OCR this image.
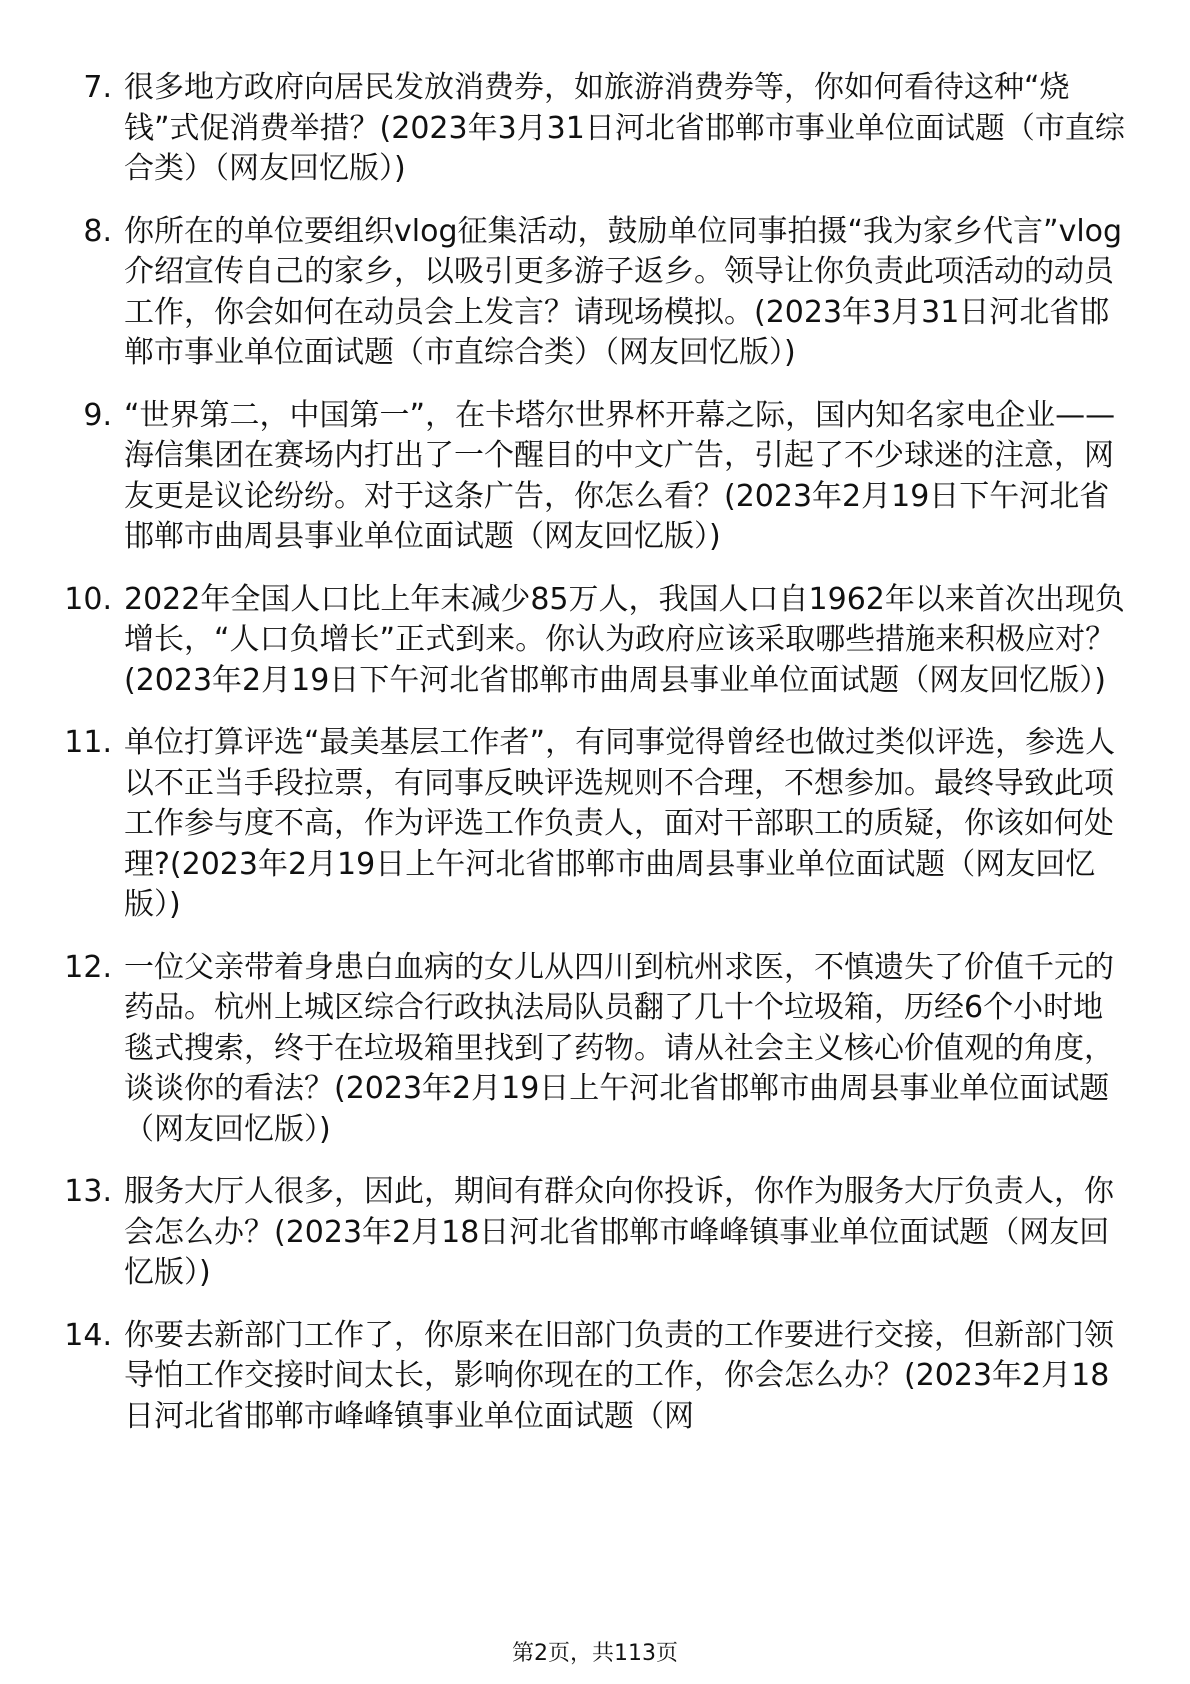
7. 很多地方政府向居民发放消费券，如旅游消费券等，你如何看待这种“烧钱”式促消费举措？(2023年3月31日河北省邯郸市事业单位面试题（市直综合类）（网友回忆版）)
8. 你所在的单位要组织vlog征集活动，鼓励单位同事拍摄“我为家乡代言”vlog介绍宣传自己的家乡，以吸引更多游子返乡。领导让你负责此项活动的动员工作，你会如何在动员会上发言？请现场模拟。(2023年3月31日河北省邯郸市事业单位面试题（市直综合类）（网友回忆版）)
9. “世界第二，中国第一”，在卡塔尔世界杯开幕之际，国内知名家电企业——海信集团在赛场内打出了一个醒目的中文广告，引起了不少球迷的注意，网友更是议论纷纷。对于这条广告，你怎么看？(2023年2月19日下午河北省邯郸市曲周县事业单位面试题（网友回忆版）)
10. 2022年全国人口比上年末减少85万人，我国人口自1962年以来首次出现负增长，“人口负增长”正式到来。你认为政府应该采取哪些措施来积极应对？(2023年2月19日下午河北省邯郸市曲周县事业单位面试题（网友回忆版）)
11. 单位打算评选“最美基层工作者”，有同事觉得曾经也做过类似评选，参选人以不正当手段拉票，有同事反映评选规则不合理，不想参加。最终导致此项工作参与度不高，作为评选工作负责人，面对干部职工的质疑，你该如何处理?(2023年2月19日上午河北省邯郸市曲周县事业单位面试题（网友回忆版）)
12. 一位父亲带着身患白血病的女儿从四川到杭州求医，不慎遗失了价值千元的药品。杭州上城区综合行政执法局队员翻了几十个垃圾箱，历经6个小时地毯式搜索，终于在垃圾箱里找到了药物。请从社会主义核心价值观的角度，谈谈你的看法？(2023年2月19日上午河北省邯郸市曲周县事业单位面试题（网友回忆版）)
13. 服务大厅人很多，因此，期间有群众向你投诉，你作为服务大厅负责人，你会怎么办？(2023年2月18日河北省邯郸市峰峰镇事业单位面试题（网友回忆版）)
14. 你要去新部门工作了，你原来在旧部门负责的工作要进行交接，但新部门领导怕工作交接时间太长，影响你现在的工作，你会怎么办？(2023年2月18日河北省邯郸市峰峰镇事业单位面试题（网
第2页，共113页
